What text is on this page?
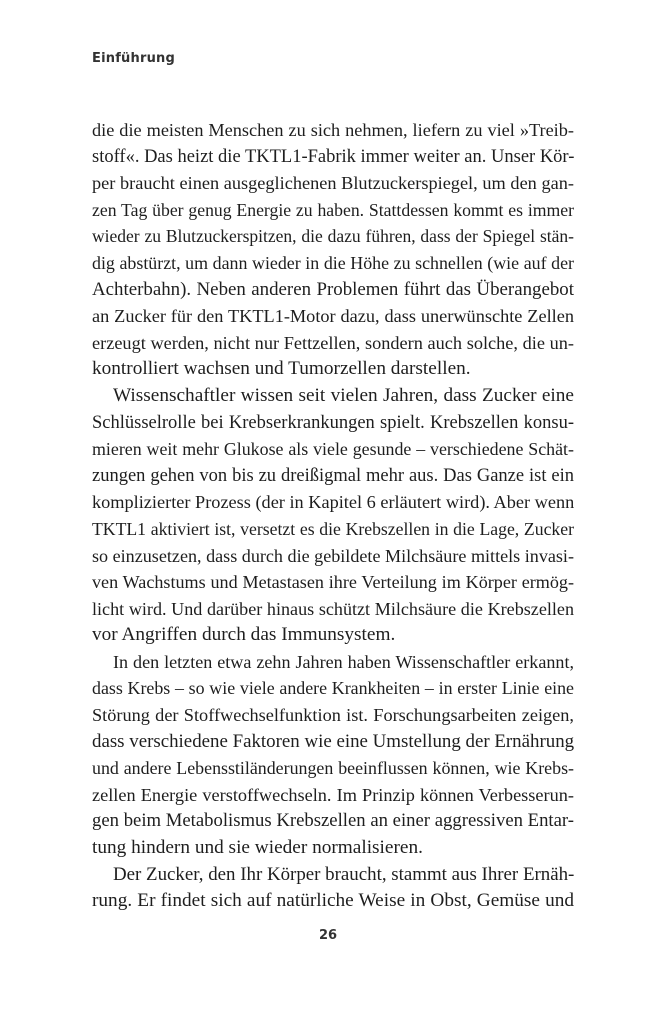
Einführung
die die meisten Menschen zu sich nehmen, liefern zu viel »Treib-
stoff«. Das heizt die TKTL1-Fabrik immer weiter an. Unser Kör-
per braucht einen ausgeglichenen Blutzuckerspiegel, um den gan-
zen Tag über genug Energie zu haben. Stattdessen kommt es immer
wieder zu Blutzuckerspitzen, die dazu führen, dass der Spiegel stän-
dig abstürzt, um dann wieder in die Höhe zu schnellen (wie auf der
Achterbahn). Neben anderen Problemen führt das Überangebot
an Zucker für den TKTL1-Motor dazu, dass unerwünschte Zellen
erzeugt werden, nicht nur Fettzellen, sondern auch solche, die un-
kontrolliert wachsen und Tumorzellen darstellen.
Wissenschaftler wissen seit vielen Jahren, dass Zucker eine
Schlüsselrolle bei Krebserkrankungen spielt. Krebszellen konsu-
mieren weit mehr Glukose als viele gesunde – verschiedene Schät-
zungen gehen von bis zu dreißigmal mehr aus. Das Ganze ist ein
komplizierter Prozess (der in Kapitel 6 erläutert wird). Aber wenn
TKTL1 aktiviert ist, versetzt es die Krebszellen in die Lage, Zucker
so einzusetzen, dass durch die gebildete Milchsäure mittels invasi-
ven Wachstums und Metastasen ihre Verteilung im Körper ermög-
licht wird. Und darüber hinaus schützt Milchsäure die Krebszellen
vor Angriffen durch das Immunsystem.
In den letzten etwa zehn Jahren haben Wissenschaftler erkannt,
dass Krebs – so wie viele andere Krankheiten – in erster Linie eine
Störung der Stoffwechselfunktion ist. Forschungsarbeiten zeigen,
dass verschiedene Faktoren wie eine Umstellung der Ernährung
und andere Lebensstiländerungen beeinflussen können, wie Krebs-
zellen Energie verstoffwechseln. Im Prinzip können Verbesserun-
gen beim Metabolismus Krebszellen an einer aggressiven Entar-
tung hindern und sie wieder normalisieren.
Der Zucker, den Ihr Körper braucht, stammt aus Ihrer Ernäh-
rung. Er findet sich auf natürliche Weise in Obst, Gemüse und
26
